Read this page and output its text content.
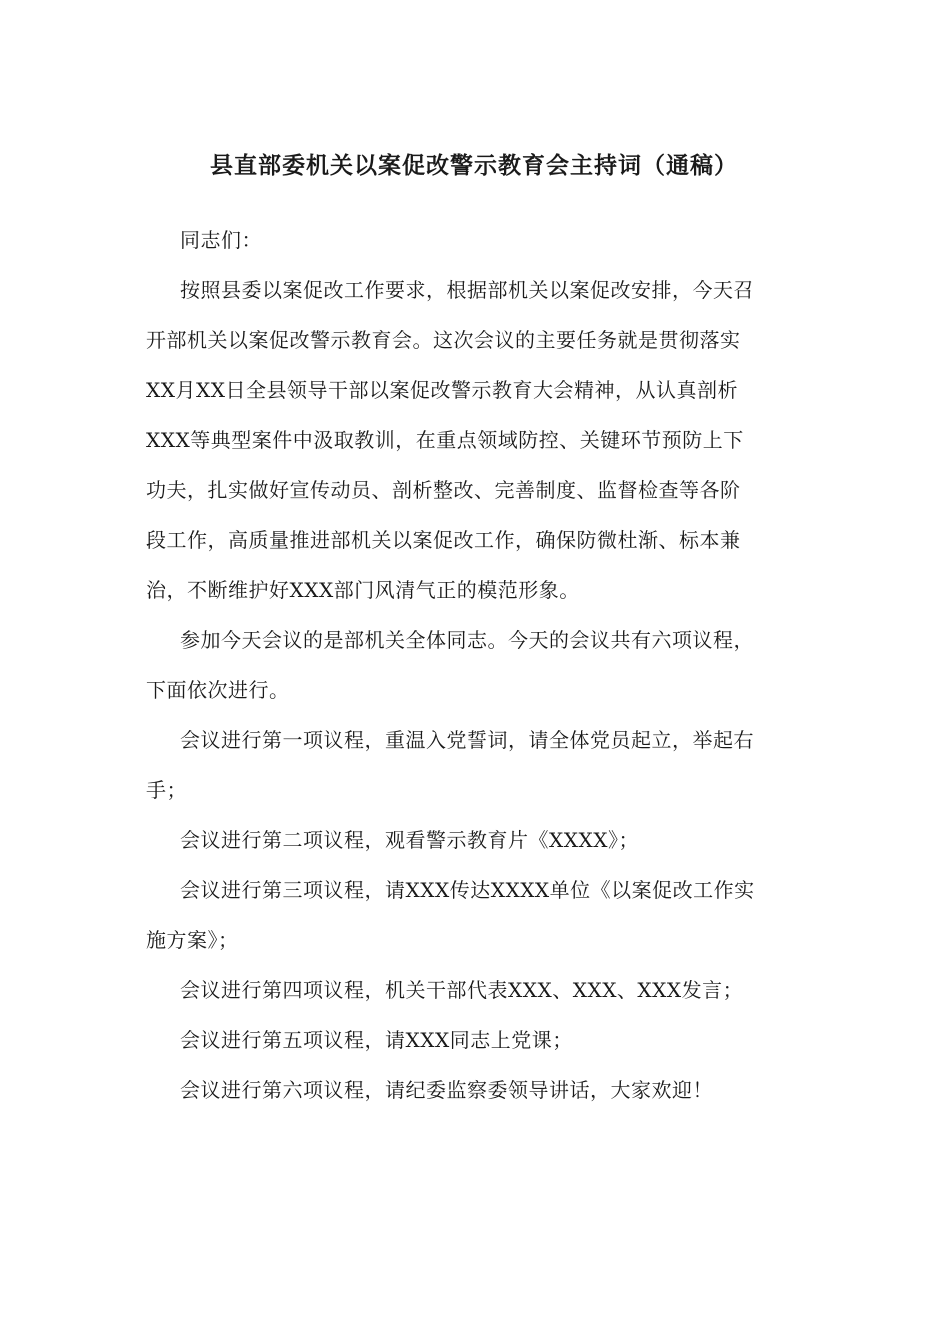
县直部委机关以案促改警示教育会主持词（通稿）
同志们：
按照县委以案促改工作要求，根据部机关以案促改安排，今天召
开部机关以案促改警示教育会。这次会议的主要任务就是贯彻落实
XX月XX日全县领导干部以案促改警示教育大会精神，从认真剖析
XXX等典型案件中汲取教训，在重点领域防控、关键环节预防上下
功夫，扎实做好宣传动员、剖析整改、完善制度、监督检查等各阶
段工作，高质量推进部机关以案促改工作，确保防微杜渐、标本兼
治，不断维护好XXX部门风清气正的模范形象。
参加今天会议的是部机关全体同志。今天的会议共有六项议程，
下面依次进行。
会议进行第一项议程，重温入党誓词，请全体党员起立，举起右
手；
会议进行第二项议程，观看警示教育片《XXXX》；
会议进行第三项议程，请XXX传达XXXX单位《以案促改工作实
施方案》；
会议进行第四项议程，机关干部代表XXX、XXX、XXX发言；
会议进行第五项议程，请XXX同志上党课；
会议进行第六项议程，请纪委监察委领导讲话，大家欢迎！
